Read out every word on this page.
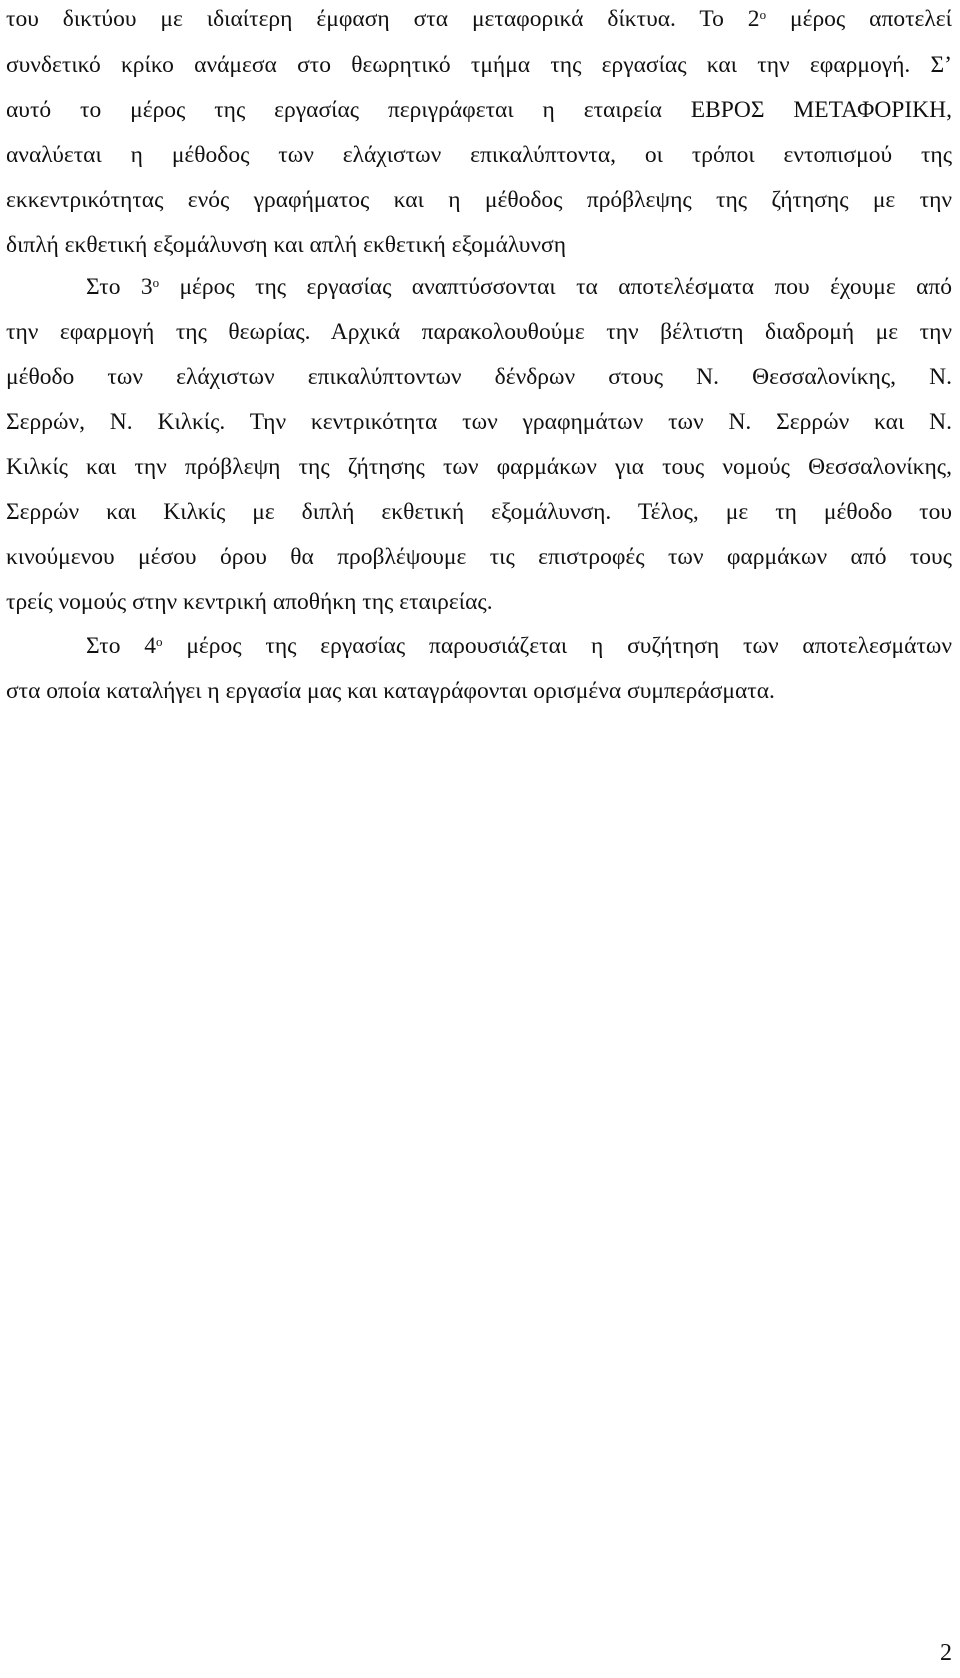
του δικτύου με ιδιαίτερη έμφαση στα μεταφορικά δίκτυα. Το $2^o$ μέρος αποτελεί
συνδετικό κρίκο ανάμεσα στο θεωρητικό τμήμα της εργασίας και την εφαρμογή. Σ’
αυτό το μέρος της εργασίας περιγράφεται η εταιρεία ΕΒΡΟΣ ΜΕΤΑΦΟΡΙΚΗ,
αναλύεται η μέθοδος των ελάχιστων επικαλύπτοντα, οι τρόποι εντοπισμού της
εκκεντρικότητας ενός γραφήματος και η μέθοδος πρόβλεψης της ζήτησης με την
διπλή εκθετική εξομάλυνση και απλή εκθετική εξομάλυνση
Στο $3^o$ μέρος της εργασίας αναπτύσσονται τα αποτελέσματα που έχουμε από
την εφαρμογή της θεωρίας. Αρχικά παρακολουθούμε την βέλτιστη διαδρομή με την
μέθοδο των ελάχιστων επικαλύπτοντων δένδρων στους Ν. Θεσσαλονίκης, Ν.
Σερρών, Ν. Κιλκίς. Την κεντρικότητα των γραφημάτων των Ν. Σερρών και Ν.
Κιλκίς και την πρόβλεψη της ζήτησης των φαρμάκων για τους νομούς Θεσσαλονίκης,
Σερρών και Κιλκίς με διπλή εκθετική εξομάλυνση. Τέλος, με τη μέθοδο του
κινούμενου μέσου όρου θα προβλέψουμε τις επιστροφές των φαρμάκων από τους
τρείς νομούς στην κεντρική αποθήκη της εταιρείας.
Στο $4^o$ μέρος της εργασίας παρουσιάζεται η συζήτηση των αποτελεσμάτων
στα οποία καταλήγει η εργασία μας και καταγράφονται ορισμένα συμπεράσματα.
2
